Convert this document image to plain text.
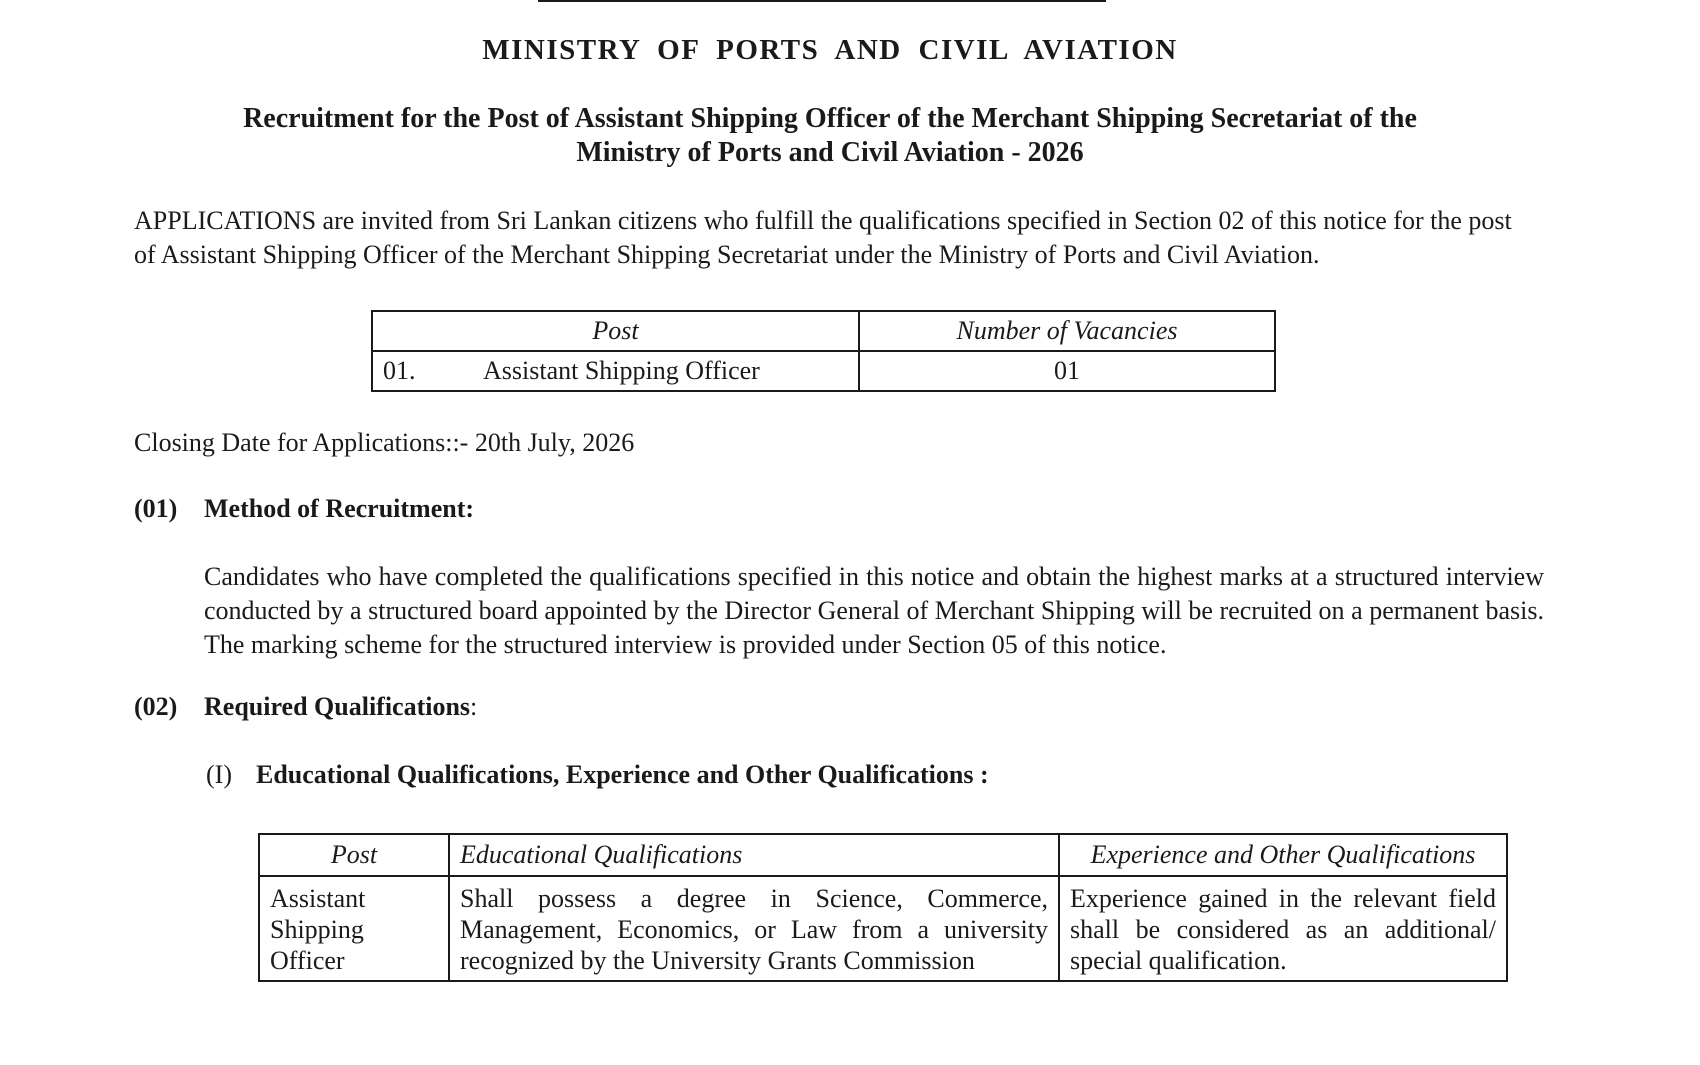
MINISTRY OF PORTS AND CIVIL AVIATION
Recruitment for the Post of Assistant Shipping Officer of the Merchant Shipping Secretariat of the
Ministry of Ports and Civil Aviation - 2026
APPLICATIONS are invited from Sri Lankan citizens who fulfill the qualifications specified in Section 02 of this notice for the post of Assistant Shipping Officer of the Merchant Shipping Secretariat under the Ministry of Ports and Civil Aviation.
Post	Number of Vacancies
01. Assistant Shipping Officer	01
Closing Date for Applications::- 20th July, 2026
(01) Method of Recruitment:
Candidates who have completed the qualifications specified in this notice and obtain the highest marks at a structured interview conducted by a structured board appointed by the Director General of Merchant Shipping will be recruited on a permanent basis. The marking scheme for the structured interview is provided under Section 05 of this notice.
(02) Required Qualifications:
(I) Educational Qualifications, Experience and Other Qualifications :
Post	Educational Qualifications	Experience and Other Qualifications
Assistant Shipping Officer	Shall possess a degree in Science, Commerce, Management, Economics, or Law from a university recognized by the University Grants Commission	Experience gained in the relevant field shall be considered as an additional/ special qualification.
